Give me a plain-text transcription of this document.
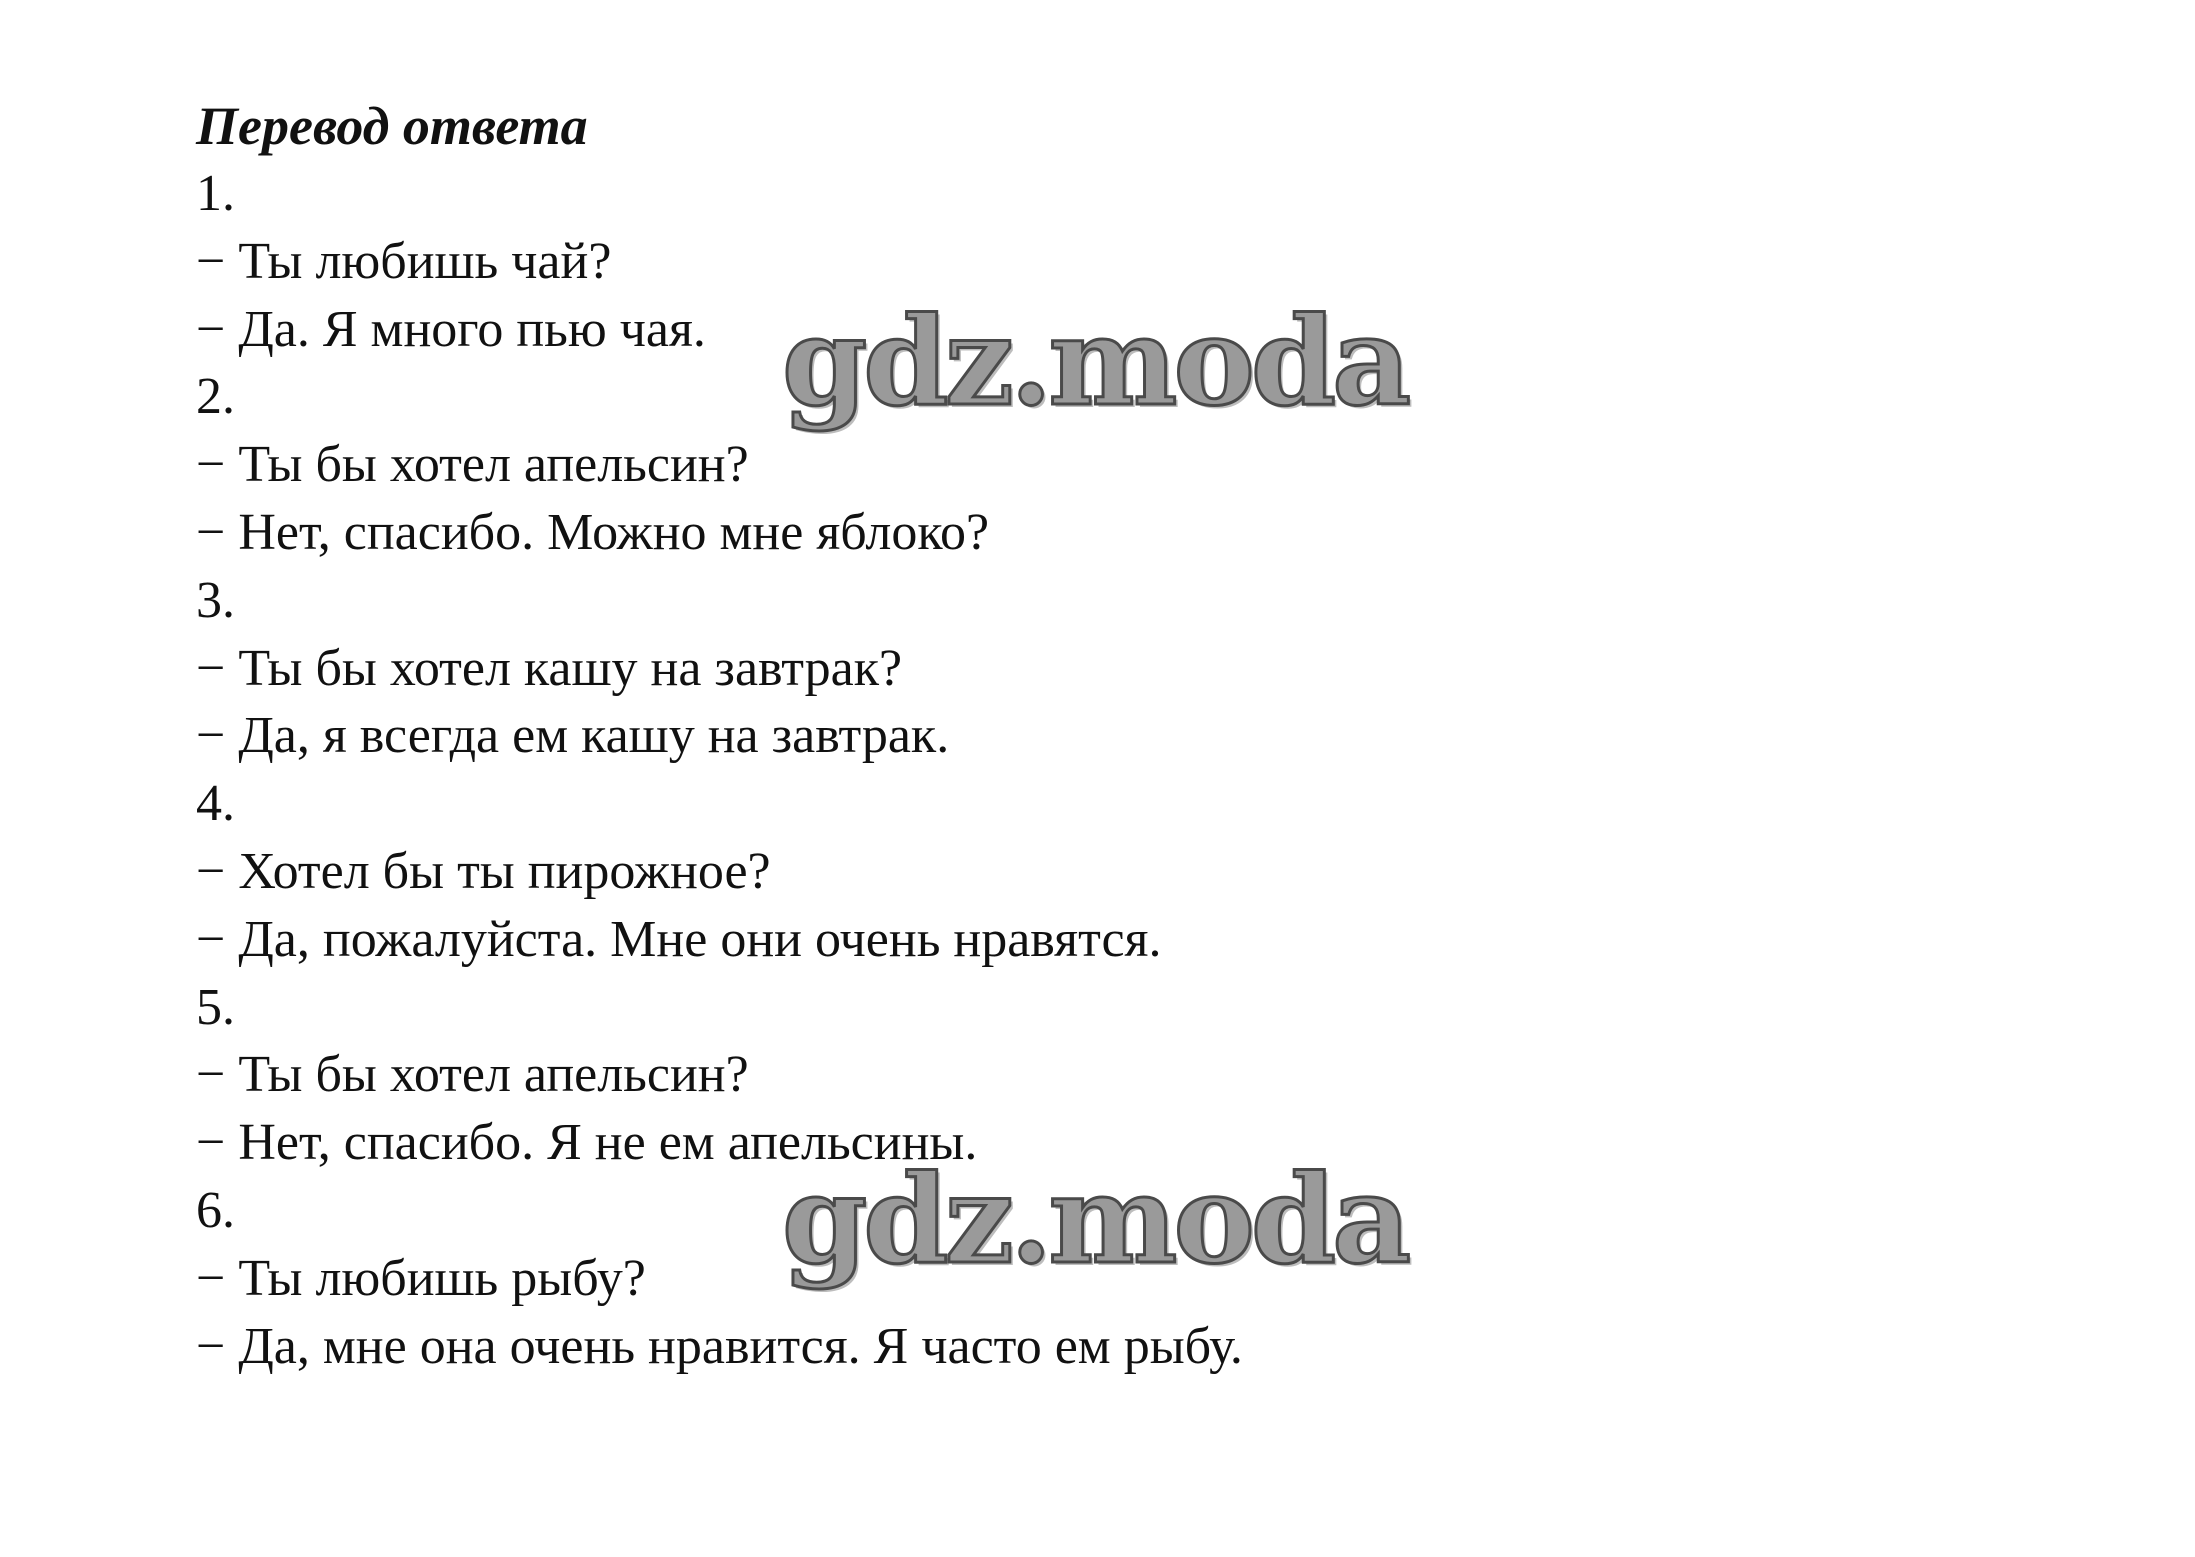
Перевод ответа
1.
− Ты любишь чай?
− Да. Я много пью чая.
2.
− Ты бы хотел апельсин?
− Нет, спасибо. Можно мне яблоко?
3.
− Ты бы хотел кашу на завтрак?
− Да, я всегда ем кашу на завтрак.
4.
− Хотел бы ты пирожное?
− Да, пожалуйста. Мне они очень нравятся.
5.
− Ты бы хотел апельсин?
− Нет, спасибо. Я не ем апельсины.
6.
− Ты любишь рыбу?
− Да, мне она очень нравится. Я часто ем рыбу.
gdz.moda
gdz.moda
